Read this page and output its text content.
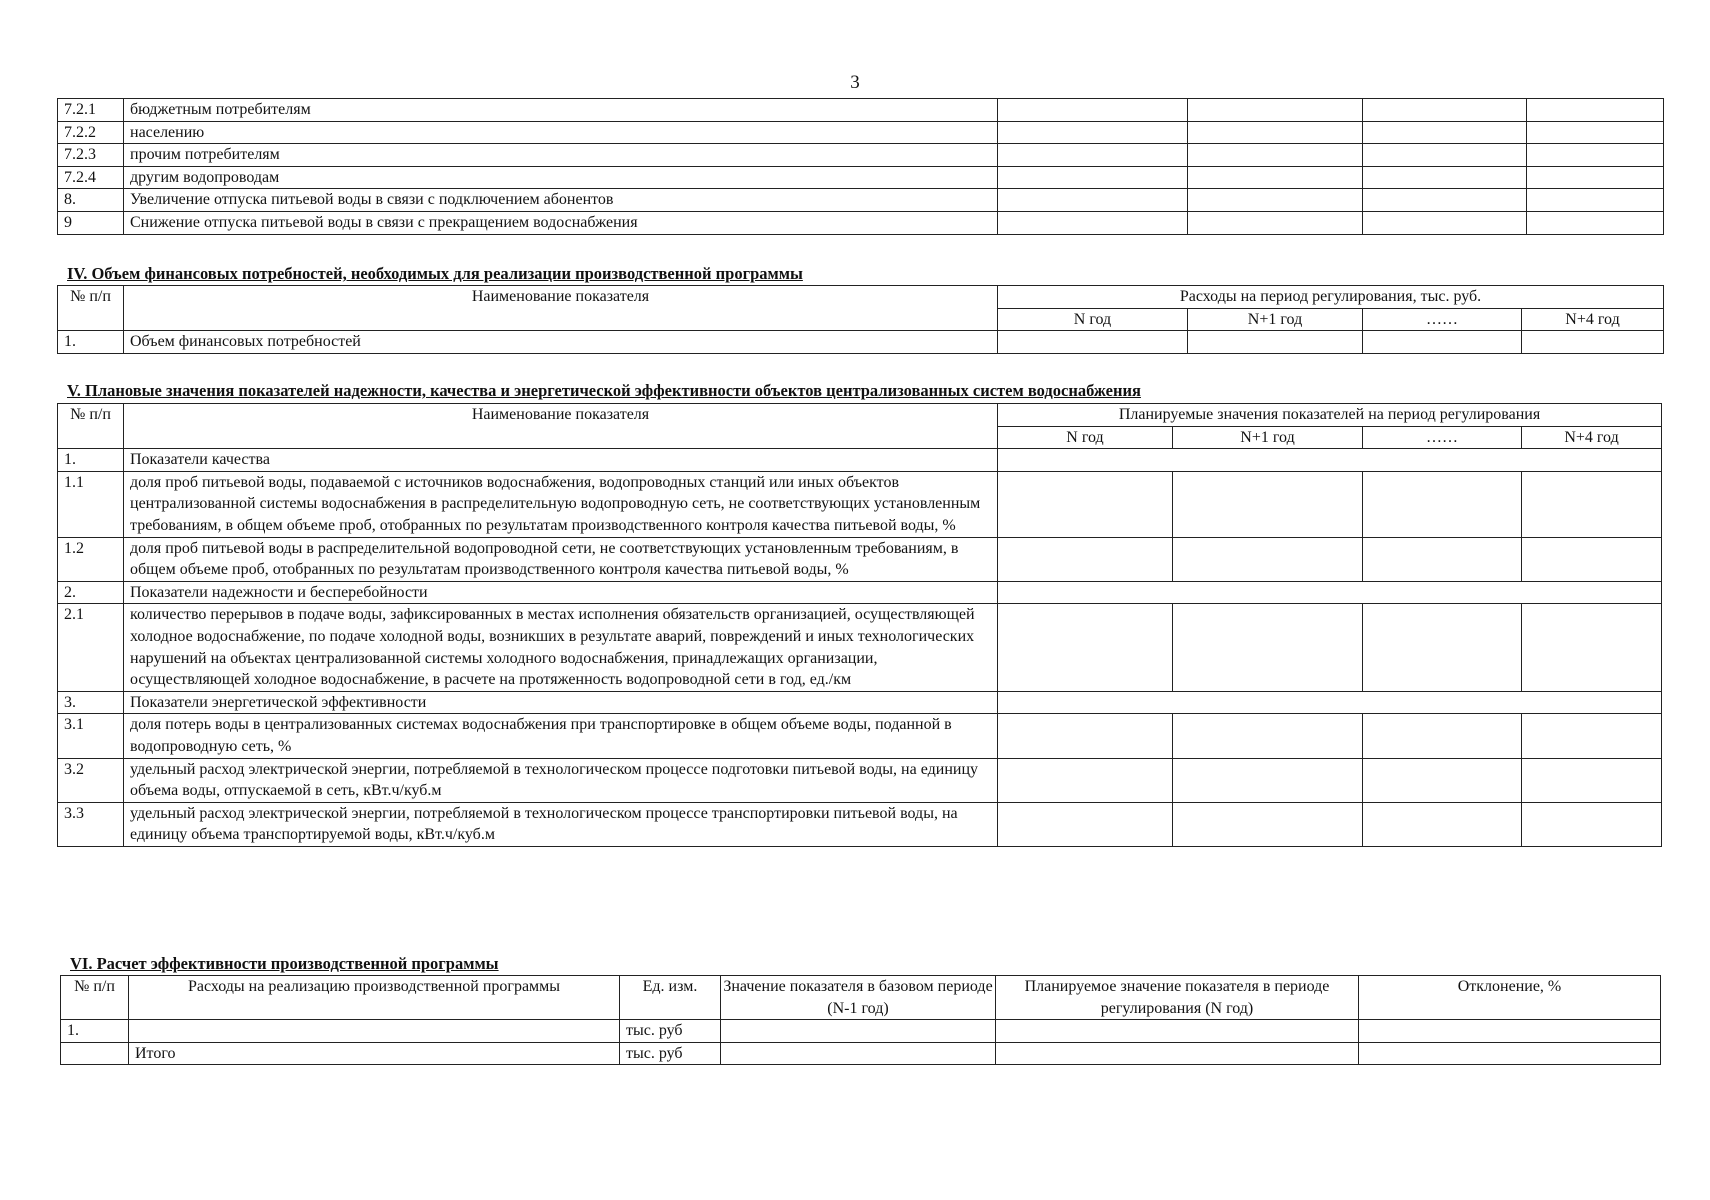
3
7.2.1	бюджетным потребителям				
7.2.2	населению				
7.2.3	прочим потребителям				
7.2.4	другим водопроводам				
8.	Увеличение отпуска питьевой воды в связи с подключением абонентов				
9	Снижение отпуска питьевой воды в связи с прекращением водоснабжения				
IV. Объем финансовых потребностей, необходимых для реализации производственной программы
№ п/п	Наименование показателя	Расходы на период регулирования, тыс. руб.			
		N год	N+1 год	……	N+4 год
1.	Объем финансовых потребностей				
V. Плановые значения показателей надежности, качества и энергетической эффективности объектов централизованных систем водоснабжения
№ п/п	Наименование показателя	Планируемые значения показателей на период регулирования			
		N год	N+1 год	……	N+4 год
1.	Показатели качества				
1.1	доля проб питьевой воды, подаваемой с источников водоснабжения, водопроводных станций или иных объектов централизованной системы водоснабжения в распределительную водопроводную сеть, не соответствующих установленным требованиям, в общем объеме проб, отобранных по результатам производственного контроля качества питьевой воды, %				
1.2	доля проб питьевой воды в распределительной водопроводной сети, не соответствующих установленным требованиям, в общем объеме проб, отобранных по результатам производственного контроля качества питьевой воды, %				
2.	Показатели надежности и бесперебойности				
2.1	количество перерывов в подаче воды, зафиксированных в местах исполнения обязательств организацией, осуществляющей холодное водоснабжение, по подаче холодной воды, возникших в результате аварий, повреждений и иных технологических нарушений на объектах централизованной системы холодного водоснабжения, принадлежащих организации, осуществляющей холодное водоснабжение, в расчете на протяженность водопроводной сети в год, ед./км				
3.	Показатели энергетической эффективности				
3.1	доля потерь воды в централизованных системах водоснабжения при транспортировке в общем объеме воды, поданной в водопроводную сеть, %				
3.2	удельный расход электрической энергии, потребляемой в технологическом процессе подготовки питьевой воды, на единицу объема воды, отпускаемой в сеть, кВт.ч/куб.м				
3.3	удельный расход электрической энергии, потребляемой в технологическом процессе транспортировки питьевой воды, на единицу объема транспортируемой воды, кВт.ч/куб.м				
VI. Расчет эффективности производственной программы
№ п/п	Расходы на реализацию производственной программы	Ед. изм.	Значение показателя в базовом периоде (N-1 год)	Планируемое значение показателя в периоде регулирования (N год)	Отклонение, %

1.		тыс. руб			
	Итого	тыс. руб			
